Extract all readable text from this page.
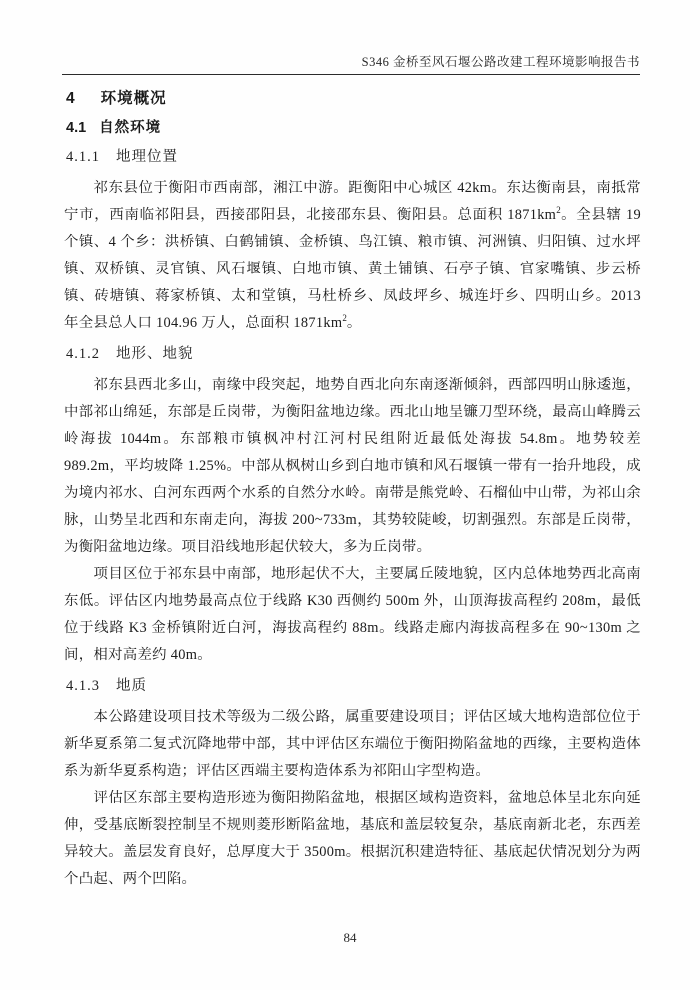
S346 金桥至风石堰公路改建工程环境影响报告书
4 环境概况
4.1 自然环境
4.1.1 地理位置

祁东县位于衡阳市西南部，湘江中游。距衡阳中心城区 42km。东达衡南县，南抵常宁市，西南临祁阳县，西接邵阳县，北接邵东县、衡阳县。总面积 $1871km^2$。全县辖 19 个镇、4 个乡：洪桥镇、白鹤铺镇、金桥镇、鸟江镇、粮市镇、河洲镇、归阳镇、过水坪镇、双桥镇、灵官镇、风石堰镇、白地市镇、黄土铺镇、石亭子镇、官家嘴镇、步云桥镇、砖塘镇、蒋家桥镇、太和堂镇，马杜桥乡、凤歧坪乡、城连圩乡、四明山乡。2013 年全县总人口 104.96 万人，总面积 $1871km^2$。

4.1.2 地形、地貌

祁东县西北多山，南缘中段突起，地势自西北向东南逐渐倾斜，西部四明山脉逶迤，中部祁山绵延，东部是丘岗带，为衡阳盆地边缘。西北山地呈镰刀型环绕，最高山峰腾云岭海拔 1044m。东部粮市镇枫冲村江河村民组附近最低处海拔 54.8m。地势较差 989.2m，平均坡降 1.25%。中部从枫树山乡到白地市镇和风石堰镇一带有一抬升地段，成为境内祁水、白河东西两个水系的自然分水岭。南带是熊党岭、石榴仙中山带，为祁山余脉，山势呈北西和东南走向，海拔 200~733m，其势较陡峻，切割强烈。东部是丘岗带，为衡阳盆地边缘。项目沿线地形起伏较大，多为丘岗带。

项目区位于祁东县中南部，地形起伏不大，主要属丘陵地貌，区内总体地势西北高南东低。评估区内地势最高点位于线路 K30 西侧约 500m 外，山顶海拔高程约 208m，最低位于线路 K3 金桥镇附近白河，海拔高程约 88m。线路走廊内海拔高程多在 90~130m 之间，相对高差约 40m。

4.1.3 地质

本公路建设项目技术等级为二级公路，属重要建设项目；评估区域大地构造部位位于新华夏系第二复式沉降地带中部，其中评估区东端位于衡阳拗陷盆地的西缘，主要构造体系为新华夏系构造；评估区西端主要构造体系为祁阳山字型构造。

评估区东部主要构造形迹为衡阳拗陷盆地，根据区域构造资料，盆地总体呈北东向延伸，受基底断裂控制呈不规则菱形断陷盆地，基底和盖层较复杂，基底南新北老，东西差异较大。盖层发育良好，总厚度大于 3500m。根据沉积建造特征、基底起伏情况划分为两个凸起、两个凹陷。

84
